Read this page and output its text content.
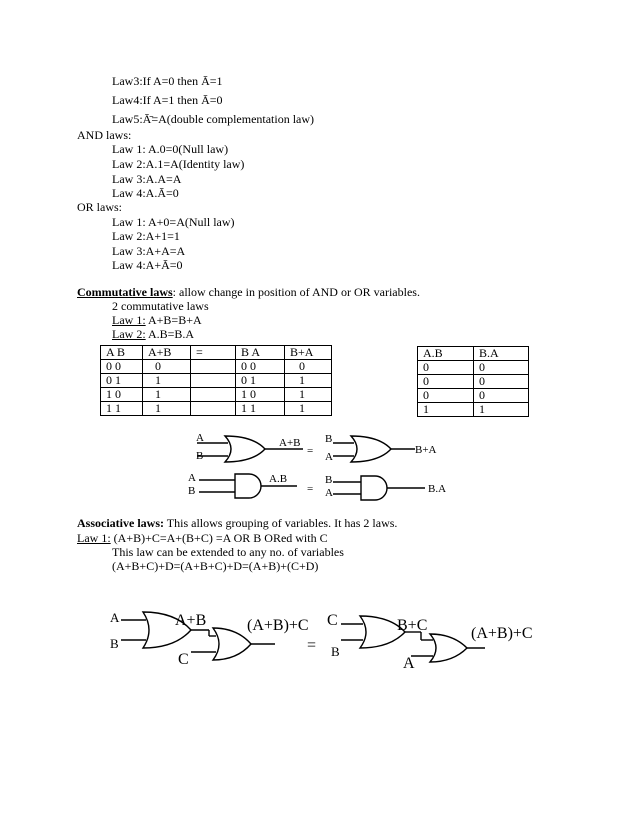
Law3:If A=0 then Ā=1
Law4:If A=1 then Ā=0
Law5:Ā̄=A(double complementation law)
AND laws:
Law 1: A.0=0(Null law)
Law 2:A.1=A(Identity law)
Law 3:A.A=A
Law 4:A.Ā=0
OR laws:
Law 1: A+0=A(Null law)
Law 2:A+1=1
Law 3:A+A=A
Law 4:A+Ā=0
Commutative laws: allow change in position of AND or OR variables.
2 commutative laws
Law 1: A+B=B+A
Law 2: A.B=B.A
A B	A+B	=	B A	B+A
0 0	0		0 0	0
0 1	1		0 1	1
1 0	1		1 0	1
1 1	1		1 1	1
A.B	B.A
0	0
0	0
0	0
1	1
A
B
A+B
=
B
A
B+A
A
B
A.B
=
B
A	B.A
Associative laws: This allows grouping of variables. It has 2 laws.
Law 1: (A+B)+C=A+(B+C) =A OR B ORed with C
This law can be extended to any no. of variables
(A+B+C)+D=(A+B+C)+D=(A+B)+(C+D)
A
B
A+B
C
(A+B)+C
=
C
B
B+C
A
(A+B)+C
